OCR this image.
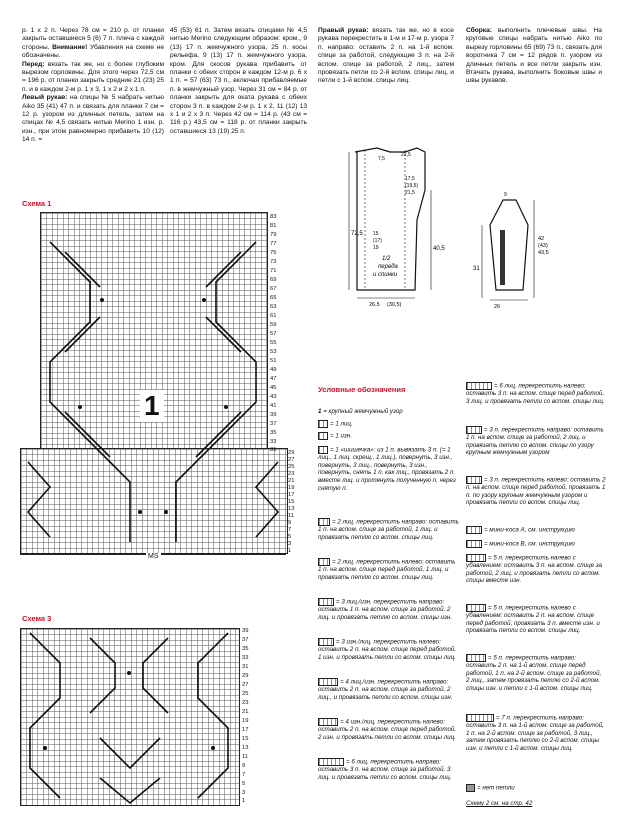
р. 1 х 2 п. Через 78 см = 210 р. от планки закрыть оставшиеся 5 (6) 7 п. плеча с каждой стороны. Внимание! Убавления на схеме не обозначены.

Перед: вязать так же, но с более глубоким вырезом горловины. Для этого через 72,5 см = 196 р. от планки закрыть средние 21 (23) 25 п. и в каждом 2-м р. 1 х 3, 1 х 2 и 2 х 1 п.

Левый рукав: на спицы № 5 набрать нитью Aiko 35 (41) 47 п. и связать для планки 7 см = 12 р. узором из длинных петель, затем на спицах № 4,5 связать нитью Merino 1 изн. р. изн., при этом равномерно прибавить 10 (12) 14 п. =

45 (53) 61 п. Затем вязать спицами № 4,5 нитью Merino следующим образом: кром., 9 (13) 17 п. жемчужного узора, 25 п. косы рельефа, 9 (13) 17 п. жемчужного узора, кром. Для скосов рукава прибавить от планки с обеих сторон в каждом 12-м р. 6 х 1 п. = 57 (63) 73 п., включая прибавляемые п. в жемчужный узор. Через 31 см = 84 р. от планки закрыть для оката рукава с обеих сторон 3 п. в каждом 2-м р. 1 х 2, 11 (12) 13 х 1 и 2 х 3 п. Через 42 см = 114 р. (43 см = 116 р.) 43,5 см = 118 р. от планки закрыть оставшиеся 13 (19) 25 п.

Правый рукав: вязать так же, но в косе рукава перекрестить в 1-м и 17-м р. узора 7 п. направо: оставить 2 п. на 1-й вспом. спице за работой, следующие 3 п. на 2-й вспом. спице за работой, 2 лиц., затем провязать петли со 2-й вспом. спицы лиц. и петли с 1-й вспом. спицы лиц.

Сборка: выполнить плечевые швы. На круговые спицы набрать нитью Aiko по вырезу горловины 65 (69) 73 п., связать для воротника 7 см = 12 рядов п. узором из длинных петель и все петли закрыть изн. Втачать рукава, выполнить боковые швы и швы рукавов.

Схема 1
1
83
81
79
77
75
73
71
69
67
65
63
61
59
57
55
53
51
49
47
45
43
41
39
37
35
33
31 29
27
25
23
21
19
17
15
13
11
9
7
5
3
1
MS
Схема 3
39
37
35
33
31
29
27
25
23
21
19
17
15
13
11
9
7
5
3
1
72,5
7,5
22,5
17,5
(19,5)
21,5
15
(17)
19	40,5
1/2
переда
и спинки
26,5 (30,5)
31
9
42
(43)
43,5
26
Условные обозначения
1 = крупный жемчужный узор
= 1 лиц.
= 1 изн.
= 1 «шишечка»: из 1 п. вывязать 3 п. (= 1 лиц., 1 лиц. скрещ., 1 лиц.), повернуть, 3 изн., повернуть, 3 лиц., повернуть, 3 изн., повернуть, снять 1 п. как лиц., провязать 2 п. вместе лиц. и протянуть полученную п. через снятую п.
= 2 лиц. перекрестить направо: оставить 1 п. на вспом. спице за работой, 1 лиц. и провязать петлю со вспом. спицы лиц.
= 2 лиц. перекрестить налево: оставить 1 п. на вспом. спице перед работой, 1 лиц. и провязать петлю со вспом. спицы лиц.
= 3 лиц./изн. перекрестить направо: оставить 1 п. на вспом. спице за работой, 2 лиц. и провязать петлю со вспом. спицы изн.
= 3 изн./лиц. перекрестить налево: оставить 2 п. на вспом. спице перед работой, 1 изн. и провязать петли со вспом. спицы лиц.
= 4 лиц./изн. перекрестить направо: оставить 2 п. на вспом. спице за работой, 2 лиц., и провязать петли со вспом. спицы изн.
= 4 изн./лиц. перекрестить налево: оставить 2 п. на вспом. спице перед работой, 2 изн. и провязать петли со вспом. спицы лиц.
= 6 лиц. перекрестить направо: оставить 3 п. на вспом. спице за работой, 3 лиц. и провязать петли со вспом. спицы лиц.
= 6 лиц. перекрестить налево: оставить 3 п. на вспом. спице перед работой, 3 лиц. и провязать петли со вспом. спицы лиц.
= 3 п. перекрестить направо: оставить 1 п. на вспом. спице за работой, 2 лиц. и провязать петлю со вспом. спицы по узору крупным жемчужным узором
= 3 п. перекрестить налево: оставить 2 п. на вспом. спице перед работой, провязать 1 п. по узору крупным жемчужным узором и провязать петли со вспом. спицы лиц.
= мини-коса А, см. инструкцию
= мини-коса В, см. инструкцию
= 5 п. перекрестить налево с убавлением: оставить 3 п. на вспом. спице за работой, 2 лиц. и провязать петли со вспом. спицы вместе изн.
= 5 п. перекрестить налево с убавлением: оставить 2 п. на вспом. спице перед работой, провязать 3 п. вместе изн. и провязать петли со вспом. спицы лиц.
= 5 п. перекрестить направо: оставить 2 п. на 1-й вспом. спице перед работой, 1 п. на 2-й вспом. спице за работой, 2 лиц., затем провязать петлю со 2-й вспом. спицы изн. и петли с 1-й вспом. спицы лиц.
= 7 п. перекрестить направо: оставить 3 п. на 1-й вспом. спице за работой, 1 п. на 2-й вспом. спице за работой, 3 лиц., затем провязать петлю со 2-й вспом. спицы изн. и петли с 1-й вспом. спицы лиц.
= нет петли
Схему 2 см. на стр. 42
